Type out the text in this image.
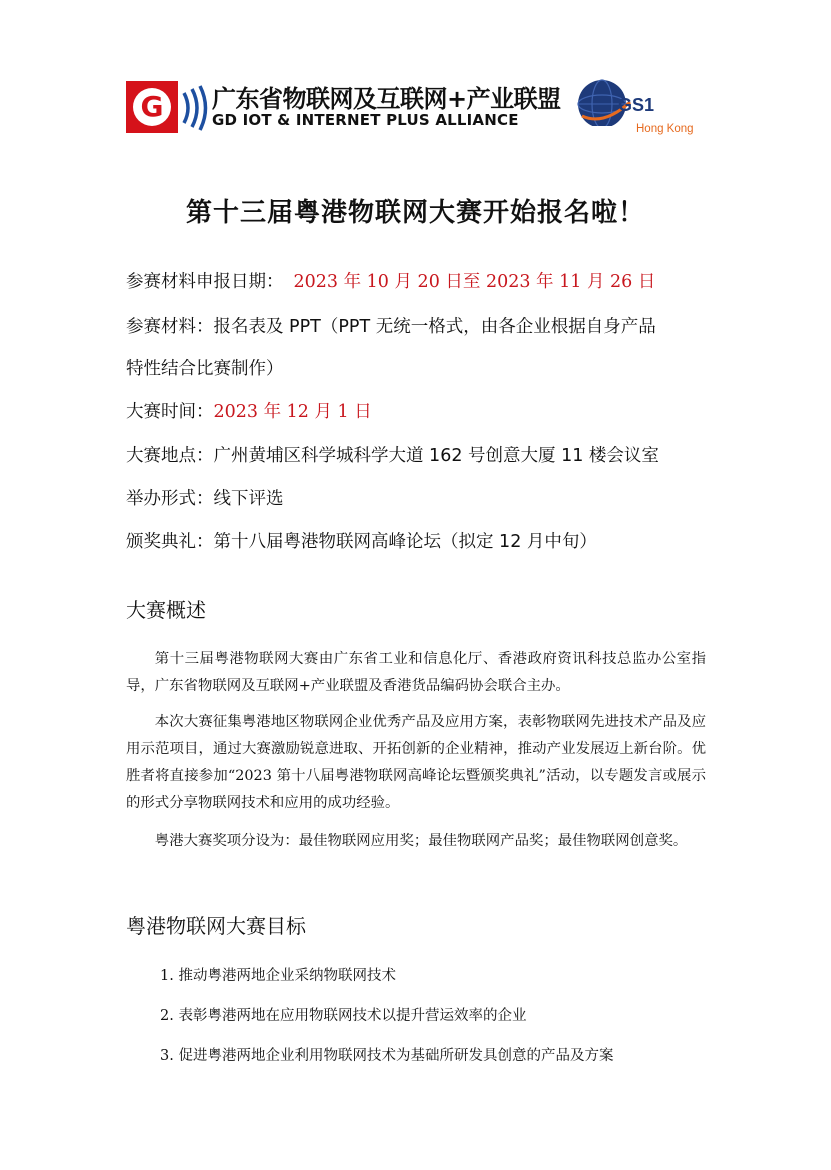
G 广东省物联网及互联网+产业联盟
GD IOT & INTERNET PLUS ALLIANCE
GS1
Hong Kong
第十三届粤港物联网大赛开始报名啦！
参赛材料申报日期： 2023 年 10 月 20 日至 2023 年 11 月 26 日
参赛材料：报名表及 PPT（PPT 无统一格式，由各企业根据自身产品
特性结合比赛制作）
大赛时间：2023 年 12 月 1 日
大赛地点：广州黄埔区科学城科学大道 162 号创意大厦 11 楼会议室
举办形式：线下评选
颁奖典礼：第十八届粤港物联网高峰论坛（拟定 12 月中旬）
大赛概述
第十三届粤港物联网大赛由广东省工业和信息化厅、香港政府资讯科技总监办公室指导，广东省物联网及互联网+产业联盟及香港货品编码协会联合主办。
本次大赛征集粤港地区物联网企业优秀产品及应用方案，表彰物联网先进技术产品及应用示范项目，通过大赛激励锐意进取、开拓创新的企业精神，推动产业发展迈上新台阶。优胜者将直接参加“2023 第十八届粤港物联网高峰论坛暨颁奖典礼”活动，以专题发言或展示的形式分享物联网技术和应用的成功经验。
粤港大赛奖项分设为：最佳物联网应用奖；最佳物联网产品奖；最佳物联网创意奖。
粤港物联网大赛目标
1. 推动粤港两地企业采纳物联网技术
2. 表彰粤港两地在应用物联网技术以提升营运效率的企业
3. 促进粤港两地企业利用物联网技术为基础所研发具创意的产品及方案
